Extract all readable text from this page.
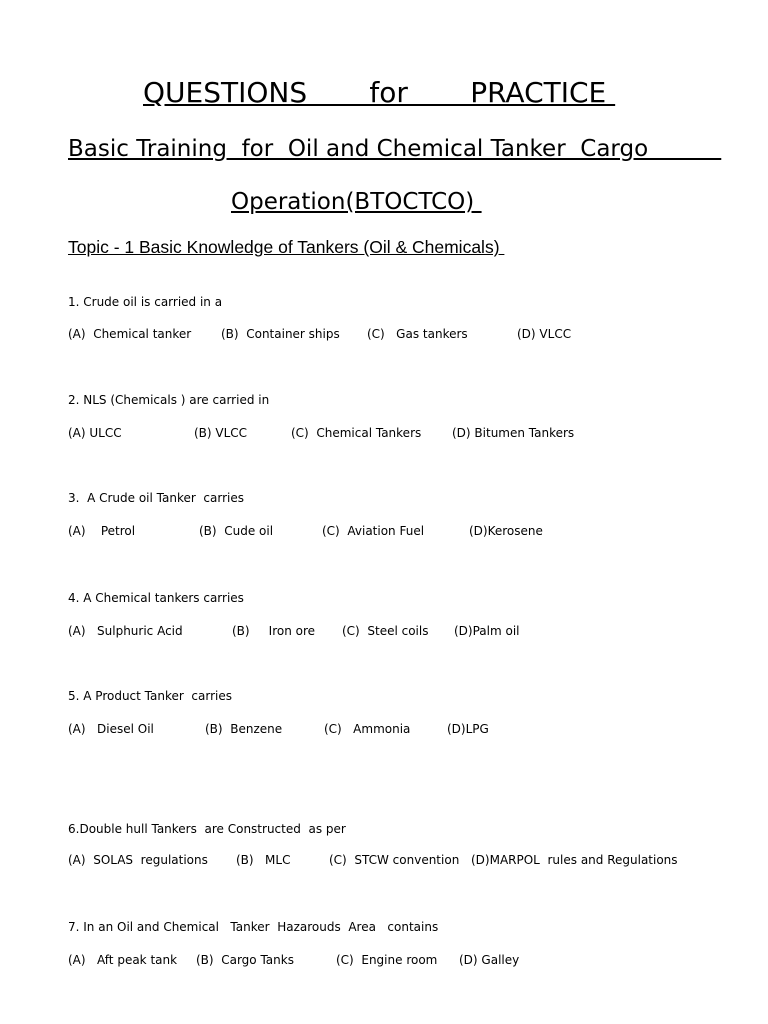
QUESTIONS       for       PRACTICE
Basic Training  for  Oil and Chemical Tanker  Cargo
Operation(BTOCTCO)
Topic - 1 Basic Knowledge of Tankers (Oil & Chemicals)

1. Crude oil is carried in a

(A)  Chemical tanker (B)  Container ships (C)   Gas tankers	(D) VLCC

2. NLS (Chemicals ) are carried in

(A) ULCC	(B) VLCC	(C)  Chemical Tankers	(D) Bitumen Tankers

3.  A Crude oil Tanker  carries

(A)    Petrol	(B)  Cude oil	(C)  Aviation Fuel	(D)Kerosene

4. A Chemical tankers carries

(A)   Sulphuric Acid	(B)     Iron ore (C)  Steel coils (D)Palm oil

5. A Product Tanker  carries

(A)   Diesel Oil	(B)  Benzene	(C)   Ammonia	(D)LPG

6.Double hull Tankers  are Constructed  as per

(A)  SOLAS  regulations (B)   MLC	(C)  STCW convention (D)MARPOL  rules and Regulations

7. In an Oil and Chemical   Tanker  Hazarouds  Area   contains

(A)   Aft peak tank (B)  Cargo Tanks	(C)  Engine room (D) Galley
